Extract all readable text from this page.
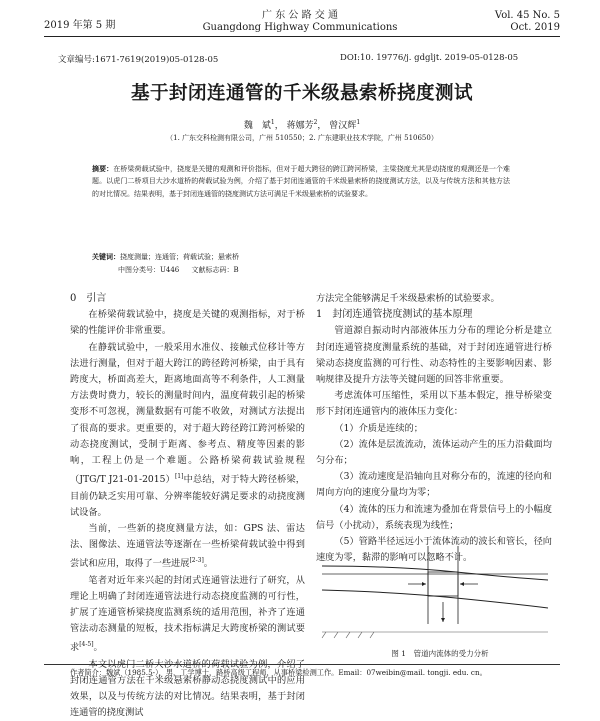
2019 年第 5 期
广 东 公 路 交 通
Guangdong Highway Communications
Vol. 45 No. 5
Oct. 2019
文章编号:1671-7619(2019)05-0128-05	DOI:10. 19776/j. gdgljt. 2019-05-0128-05
基于封闭连通管的千米级悬索桥挠度测试
魏　斌$^1$， 蒋娜芳$^2$， 曾汉辉$^1$
（1. 广东交科检测有限公司，广州 510550；2. 广东建职业技术学院，广州 510650）
摘要：在桥梁荷载试验中，挠度是关键的观测和评价指标，但对于超大跨径的跨江跨河桥梁，主梁挠度尤其是动挠度的观测还是一个难题。以虎门二桥项目大沙水道桥的荷载试验为例，介绍了基于封闭连通管的千米级悬索桥的挠度测试方法，以及与传统方法和其他方法的对比情况。结果表明，基于封闭连通管的挠度测试方法可满足千米级悬索桥的试验要求。
关键词：挠度测量；连通管；荷载试验；悬索桥
中图分类号：U446 文献标志码：B

0　引言

在桥梁荷载试验中，挠度是关键的观测指标，对于桥梁的性能评价非常重要。

在静载试验中，一般采用水准仪、接触式位移计等方法进行测量，但对于超大跨江的跨径跨河桥梁，由于具有跨度大，桥面高差大，距离地面高等不利条件，人工测量方法费时费力，较长的测量时间内，温度荷载引起的桥梁变形不可忽视，测量数据有可能不收敛，对测试方法提出了很高的要求。更重要的，对于超大跨径跨江跨河桥梁的动态挠度测试，受制于距离、参考点、精度等因素的影响，工程上仍是一个难题。公路桥梁荷载试验规程（JTG/T J21-01-2015）[1]中总结，对于特大跨径桥梁，目前仍缺乏实用可靠、分辨率能较好满足要求的动挠度测试设备。

当前，一些新的挠度测量方法，如：GPS 法、雷达法、图像法、连通管法等逐渐在一些桥梁荷载试验中得到尝试和应用，取得了一些进展[2-3]。

笔者对近年来兴起的封闭式连通管法进行了研究，从理论上明确了封闭连通管法进行动态挠度监测的可行性，扩展了连通管桥梁挠度监测系统的适用范围，补齐了连通管法动态测量的短板，技术指标满足大跨度桥梁的测试要求[4-5]。

本文以虎门二桥大沙水道桥的荷载试验为例，介绍了封闭连通管方法在千米级悬索桥静动态挠度测试中的应用效果，以及与传统方法的对比情况。结果表明，基于封闭连通管的挠度测试

方法完全能够满足千米级悬索桥的试验要求。

1　封闭连通管挠度测试的基本原理

管道源自振动时内部液体压力分布的理论分析是建立封闭连通管挠度测量系统的基础，对于封闭连通管进行桥梁动态挠度监测的可行性、动态特性的主要影响因素、影响规律及提升方法等关键问题的回答非常重要。

考虑流体可压缩性，采用以下基本假定，推导桥梁变形下封闭连通管内的液体压力变化：

（1）介质是连续的；

（2）流体是层流流动，流体运动产生的压力沿截面均匀分布；

（3）流动速度是沿轴向且对称分布的，流速的径向和周向方向的速度分量均为零；

（4）流体的压力和流速为叠加在背景信号上的小幅度信号（小扰动），系统表现为线性；

（5）管路半径远远小于流体流动的波长和管长，径向速度为零，黏滞的影响可以忽略不计。

图 1　管道内流体的受力分析
作者简介：魏斌（1985.5-），男，工学博士，路桥高级工程师，从事桥梁检测工作。Email：07weibin@mail. tongji. edu. cn。
